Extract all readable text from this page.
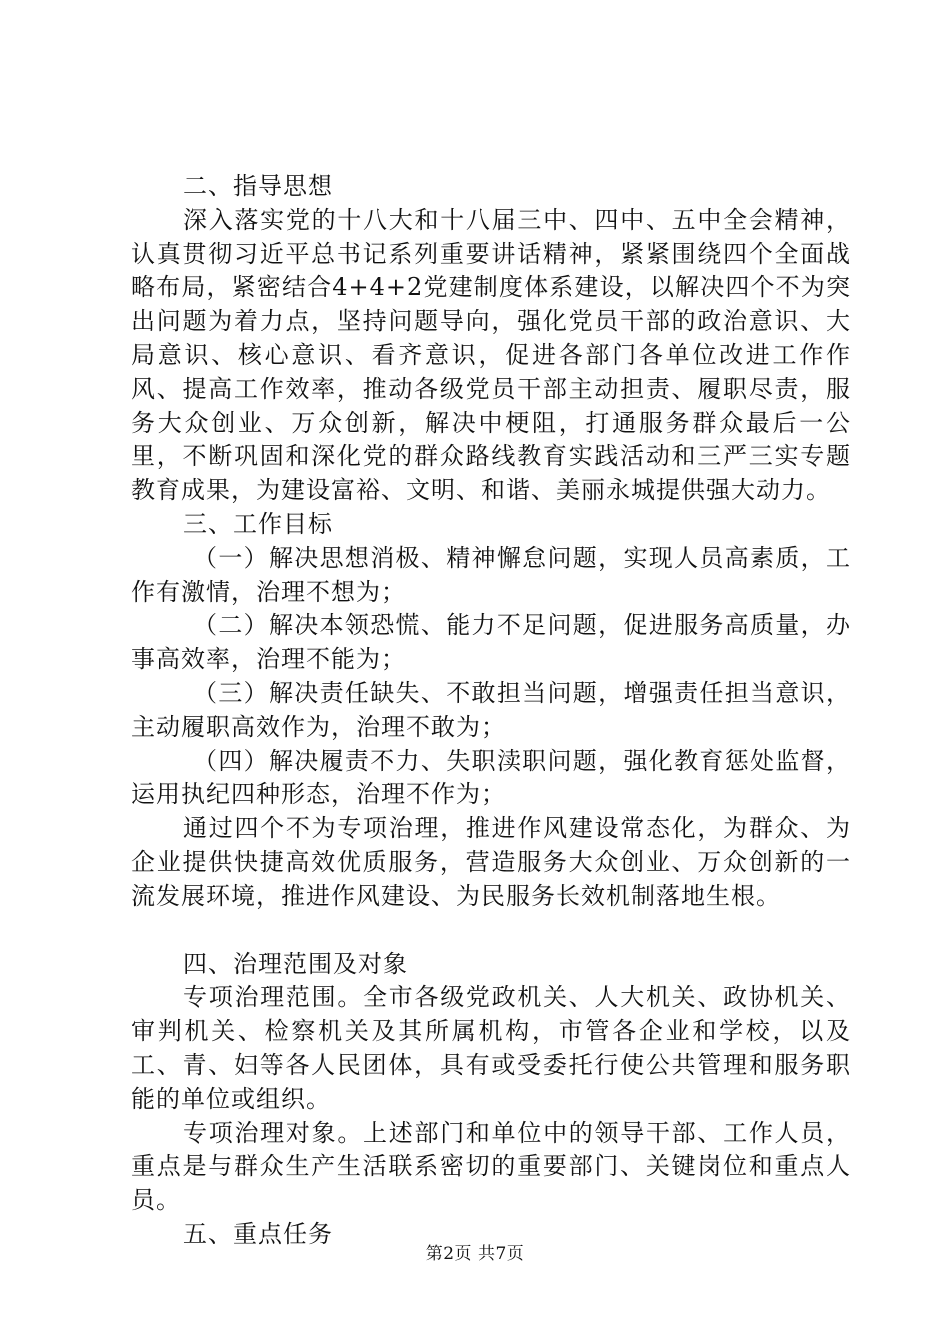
二、指导思想

深入落实党的十八大和十八届三中、四中、五中全会精神，认真贯彻习近平总书记系列重要讲话精神，紧紧围绕四个全面战略布局，紧密结合4+4+2党建制度体系建设，以解决四个不为突出问题为着力点，坚持问题导向，强化党员干部的政治意识、大局意识、核心意识、看齐意识，促进各部门各单位改进工作作风、提高工作效率，推动各级党员干部主动担责、履职尽责，服务大众创业、万众创新，解决中梗阻，打通服务群众最后一公里，不断巩固和深化党的群众路线教育实践活动和三严三实专题教育成果，为建设富裕、文明、和谐、美丽永城提供强大动力。

三、工作目标

（一）解决思想消极、精神懈怠问题，实现人员高素质，工作有激情，治理不想为；

（二）解决本领恐慌、能力不足问题，促进服务高质量，办事高效率，治理不能为；

（三）解决责任缺失、不敢担当问题，增强责任担当意识，主动履职高效作为，治理不敢为；

（四）解决履责不力、失职渎职问题，强化教育惩处监督，运用执纪四种形态，治理不作为；

通过四个不为专项治理，推进作风建设常态化，为群众、为企业提供快捷高效优质服务，营造服务大众创业、万众创新的一流发展环境，推进作风建设、为民服务长效机制落地生根。

四、治理范围及对象

专项治理范围。全市各级党政机关、人大机关、政协机关、审判机关、检察机关及其所属机构，市管各企业和学校，以及工、青、妇等各人民团体，具有或受委托行使公共管理和服务职能的单位或组织。

专项治理对象。上述部门和单位中的领导干部、工作人员，重点是与群众生产生活联系密切的重要部门、关键岗位和重点人员。

五、重点任务

第2页 共7页
